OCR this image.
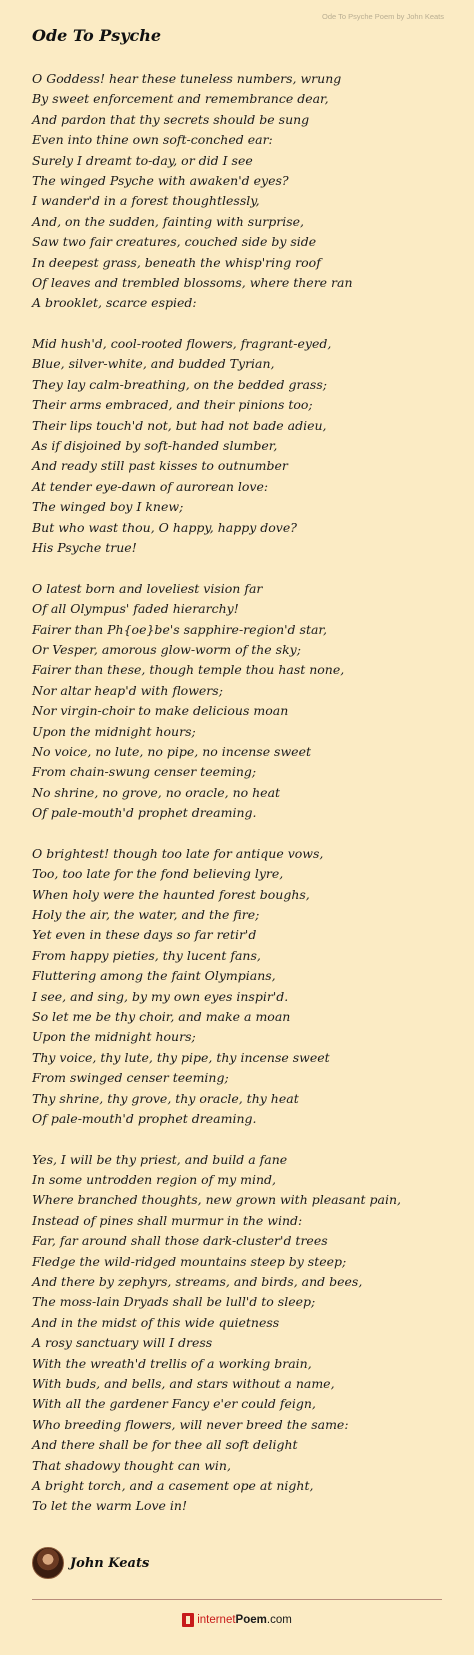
Ode To Psyche Poem by John Keats
Ode To Psyche
O Goddess! hear these tuneless numbers, wrung
By sweet enforcement and remembrance dear,
And pardon that thy secrets should be sung
Even into thine own soft-conched ear:
Surely I dreamt to-day, or did I see
The winged Psyche with awaken'd eyes?
I wander'd in a forest thoughtlessly,
And, on the sudden, fainting with surprise,
Saw two fair creatures, couched side by side
In deepest grass, beneath the whisp'ring roof
Of leaves and trembled blossoms, where there ran
A brooklet, scarce espied:
Mid hush'd, cool-rooted flowers, fragrant-eyed,
Blue, silver-white, and budded Tyrian,
They lay calm-breathing, on the bedded grass;
Their arms embraced, and their pinions too;
Their lips touch'd not, but had not bade adieu,
As if disjoined by soft-handed slumber,
And ready still past kisses to outnumber
At tender eye-dawn of aurorean love:
The winged boy I knew;
But who wast thou, O happy, happy dove?
His Psyche true!
O latest born and loveliest vision far
Of all Olympus' faded hierarchy!
Fairer than Ph{oe}be's sapphire-region'd star,
Or Vesper, amorous glow-worm of the sky;
Fairer than these, though temple thou hast none,
Nor altar heap'd with flowers;
Nor virgin-choir to make delicious moan
Upon the midnight hours;
No voice, no lute, no pipe, no incense sweet
From chain-swung censer teeming;
No shrine, no grove, no oracle, no heat
Of pale-mouth'd prophet dreaming.
O brightest! though too late for antique vows,
Too, too late for the fond believing lyre,
When holy were the haunted forest boughs,
Holy the air, the water, and the fire;
Yet even in these days so far retir'd
From happy pieties, thy lucent fans,
Fluttering among the faint Olympians,
I see, and sing, by my own eyes inspir'd.
So let me be thy choir, and make a moan
Upon the midnight hours;
Thy voice, thy lute, thy pipe, thy incense sweet
From swinged censer teeming;
Thy shrine, thy grove, thy oracle, thy heat
Of pale-mouth'd prophet dreaming.
Yes, I will be thy priest, and build a fane
In some untrodden region of my mind,
Where branched thoughts, new grown with pleasant pain,
Instead of pines shall murmur in the wind:
Far, far around shall those dark-cluster'd trees
Fledge the wild-ridged mountains steep by steep;
And there by zephyrs, streams, and birds, and bees,
The moss-lain Dryads shall be lull'd to sleep;
And in the midst of this wide quietness
A rosy sanctuary will I dress
With the wreath'd trellis of a working brain,
With buds, and bells, and stars without a name,
With all the gardener Fancy e'er could feign,
Who breeding flowers, will never breed the same:
And there shall be for thee all soft delight
That shadowy thought can win,
A bright torch, and a casement ope at night,
To let the warm Love in!
John Keats
internet Poem .com
